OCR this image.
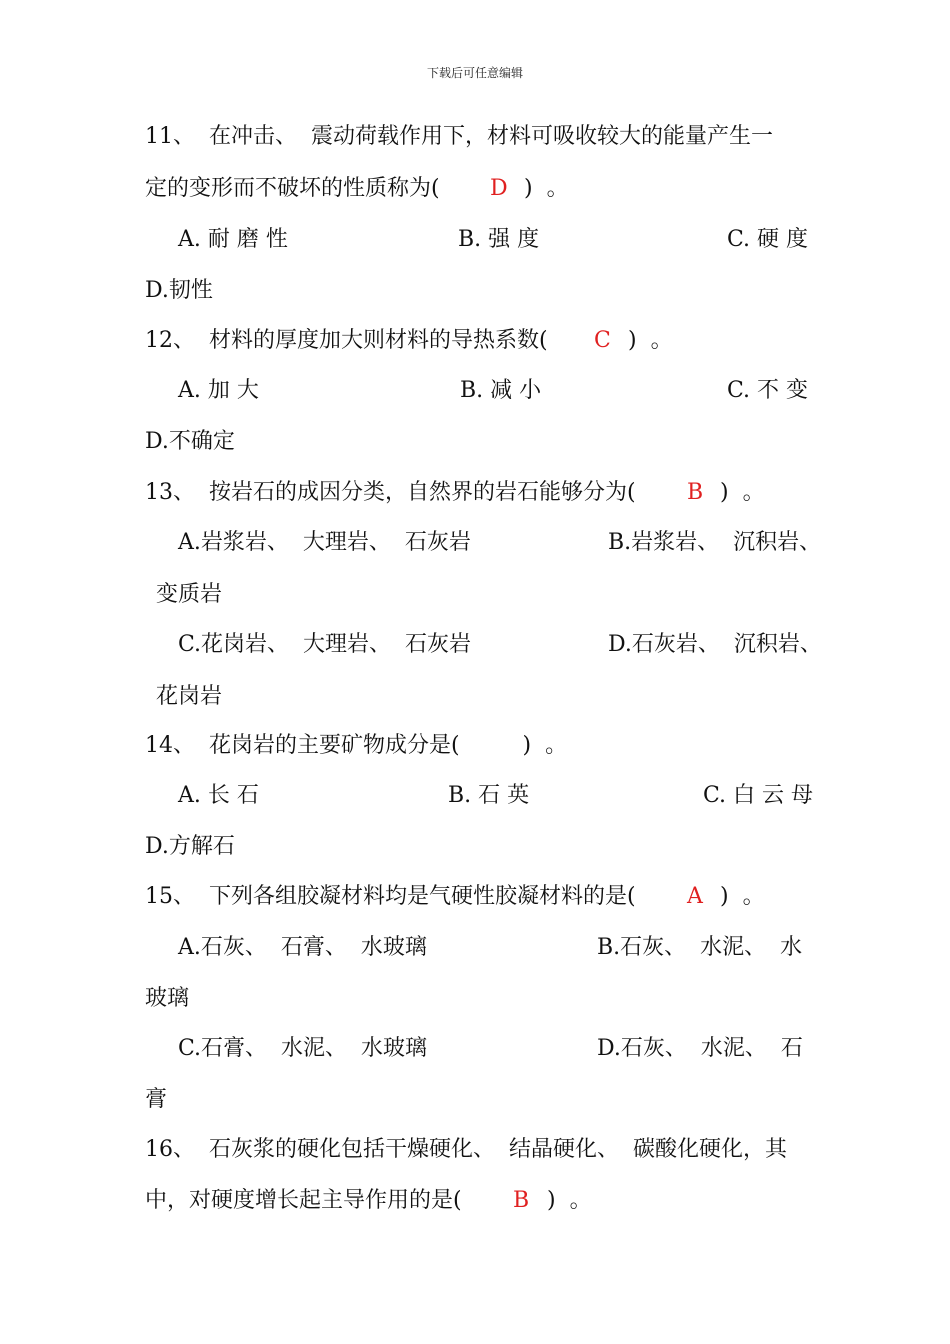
下载后可任意编辑
11、  在冲击、  震动荷载作用下，材料可吸收较大的能量产生一
定的变形而不破坏的性质称为( D )  。
A. 耐 磨 性	B. 强 度	C. 硬 度
D.韧性
12、  材料的厚度加大则材料的导热系数( C )  。
A. 加 大	B. 减 小	C. 不 变
D.不确定
13、  按岩石的成因分类，自然界的岩石能够分为( B )  。
A.岩浆岩、  大理岩、  石灰岩	B.岩浆岩、  沉积岩、
变质岩
C.花岗岩、  大理岩、  石灰岩	D.石灰岩、  沉积岩、
花岗岩
14、  花岗岩的主要矿物成分是(         )  。
A. 长 石	B. 石 英	C. 白 云 母
D.方解石
15、  下列各组胶凝材料均是气硬性胶凝材料的是( A )  。
A.石灰、  石膏、  水玻璃	B.石灰、  水泥、  水
玻璃
C.石膏、  水泥、  水玻璃	D.石灰、  水泥、  石
膏
16、  石灰浆的硬化包括干燥硬化、  结晶硬化、  碳酸化硬化，其
中，对硬度增长起主导作用的是( B )  。
